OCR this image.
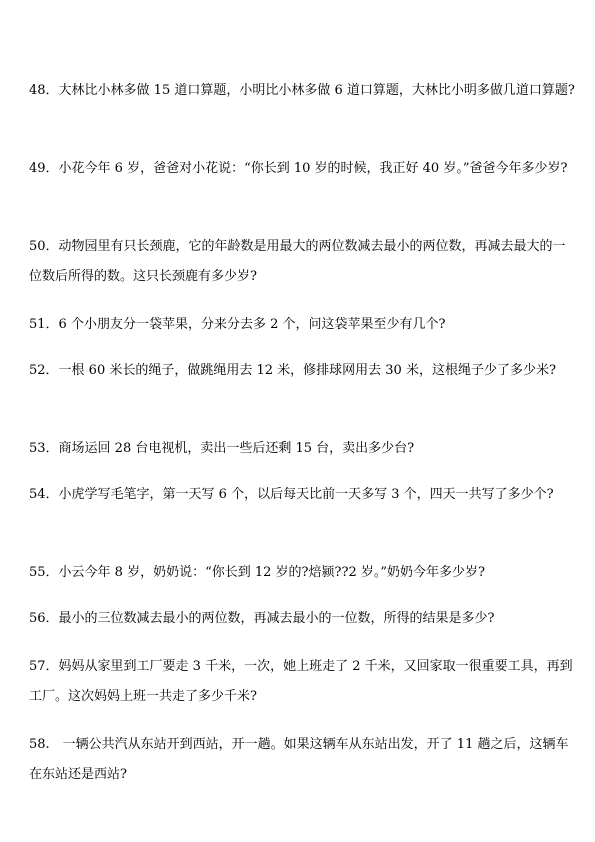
48．大林比小林多做 15 道口算题，小明比小林多做 6 道口算题，大林比小明多做几道口算题?

49．小花今年 6 岁，爸爸对小花说：“你长到 10 岁的时候，我正好 40 岁。”爸爸今年多少岁?

50．动物园里有只长颈鹿，它的年龄数是用最大的两位数减去最小的两位数，再减去最大的一位数后所得的数。这只长颈鹿有多少岁?

51．6 个小朋友分一袋苹果，分来分去多 2 个，问这袋苹果至少有几个?

52．一根 60 米长的绳子，做跳绳用去 12 米，修排球网用去 30 米，这根绳子少了多少米?

53．商场运回 28 台电视机，卖出一些后还剩 15 台，卖出多少台?

54．小虎学写毛笔字，第一天写 6 个，以后每天比前一天多写 3 个，四天一共写了多少个?

55．小云今年 8 岁，奶奶说：“你长到 12 岁的?焙颍??2 岁。”奶奶今年多少岁?

56．最小的三位数减去最小的两位数，再减去最小的一位数，所得的结果是多少?

57．妈妈从家里到工厂要走 3 千米，一次，她上班走了 2 千米，又回家取一很重要工具，再到工厂。这次妈妈上班一共走了多少千米?

58.　一辆公共汽从东站开到西站，开一趟。如果这辆车从东站出发，开了 11 趟之后，这辆车在东站还是西站?
